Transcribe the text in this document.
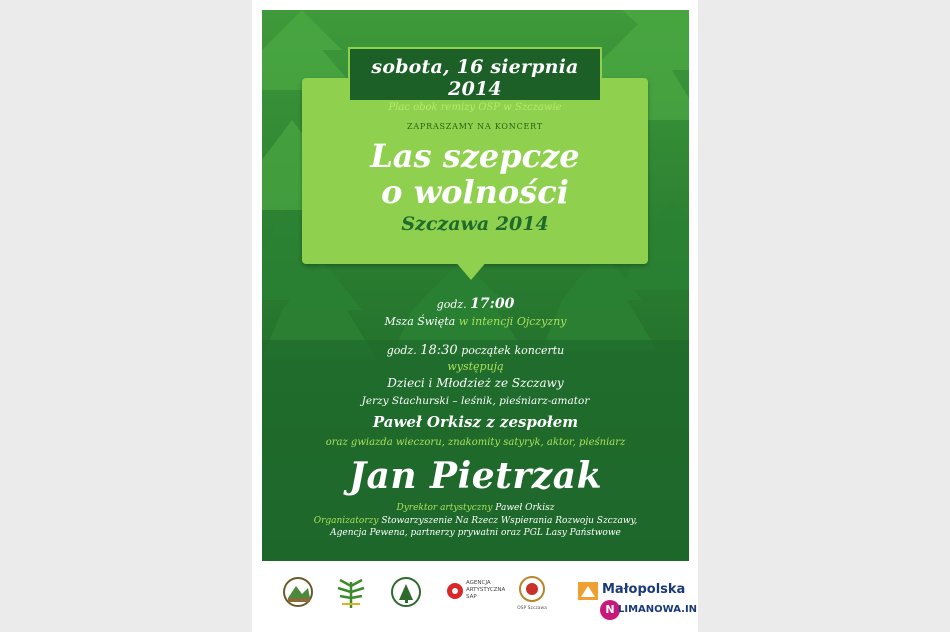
ZAPRASZAMY NA KONCERT
Las szepcze
o wolności
Szczawa 2014
sobota, 16 sierpnia 2014
Plac obok remizy OSP w Szczawie
godz. 17:00
Msza Święta w intencji Ojczyzny
godz. 18:30 początek koncertu
występują
Dzieci i Młodzież ze Szczawy
Jerzy Stachurski – leśnik, pieśniarz-amator
Paweł Orkisz z zespołem
oraz gwiazda wieczoru, znakomity satyryk, aktor, pieśniarz
Jan Pietrzak
Dyrektor artystyczny Paweł Orkisz
Organizatorzy Stowarzyszenie Na Rzecz Wspierania Rozwoju Szczawy,
Agencja Pewena, partnerzy prywatni oraz PGL Lasy Państwowe
AGENCJA
ARTYSTYCZNA
SAP
OSP Szczawa
Małopolska
N LIMANOWA.IN
